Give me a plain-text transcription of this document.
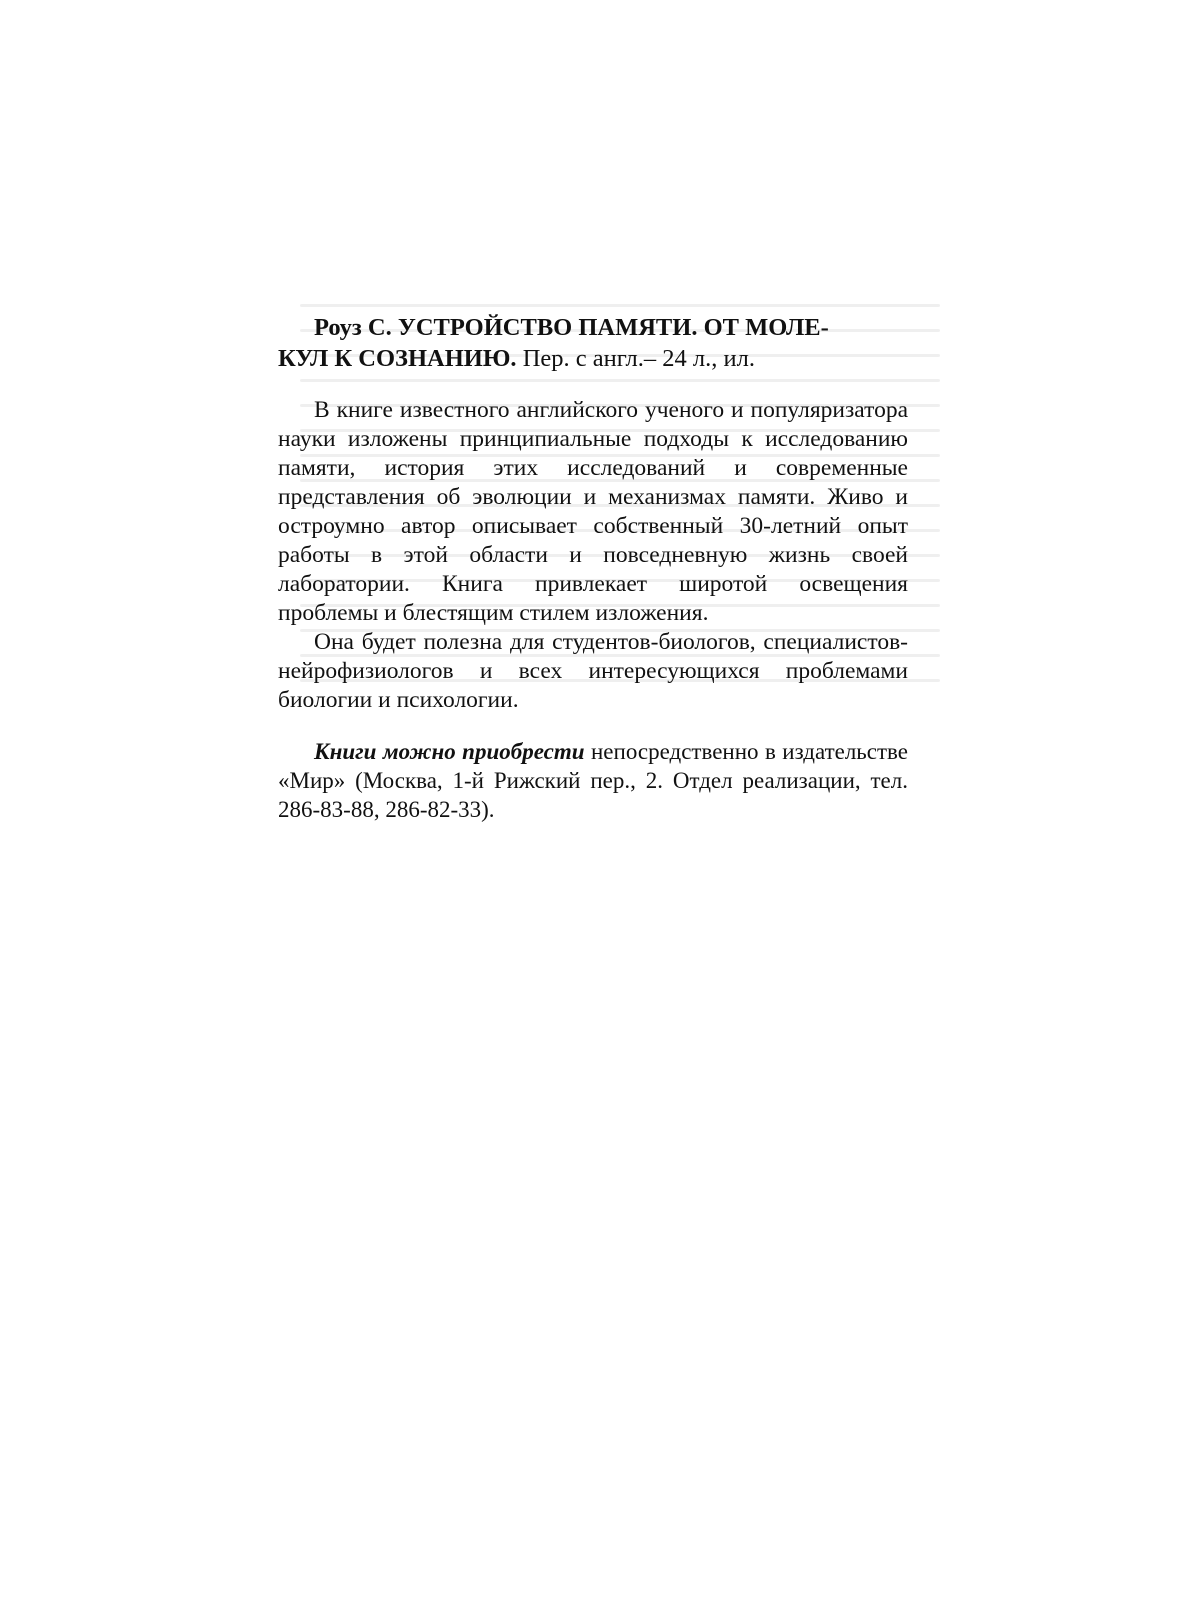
Роуз С. УСТРОЙСТВО ПАМЯТИ. ОТ МОЛЕ-
КУЛ К СОЗНАНИЮ. Пер. с англ.– 24 л., ил.

В книге известного английского ученого и популяризатора науки изложены принципиальные подходы к исследованию памяти, история этих исследований и современные представления об эволюции и механизмах памяти. Живо и остроумно автор описывает собственный 30-летний опыт работы в этой области и повседневную жизнь своей лаборатории. Книга привлекает широтой освещения проблемы и блестящим стилем изложения.

Она будет полезна для студентов-биологов, специалистов-нейрофизиологов и всех интересующихся проблемами биологии и психологии.

Книги можно приобрести непосредственно в издательстве «Мир» (Москва, 1-й Рижский пер., 2. Отдел реализации, тел. 286-83-88, 286-82-33).
